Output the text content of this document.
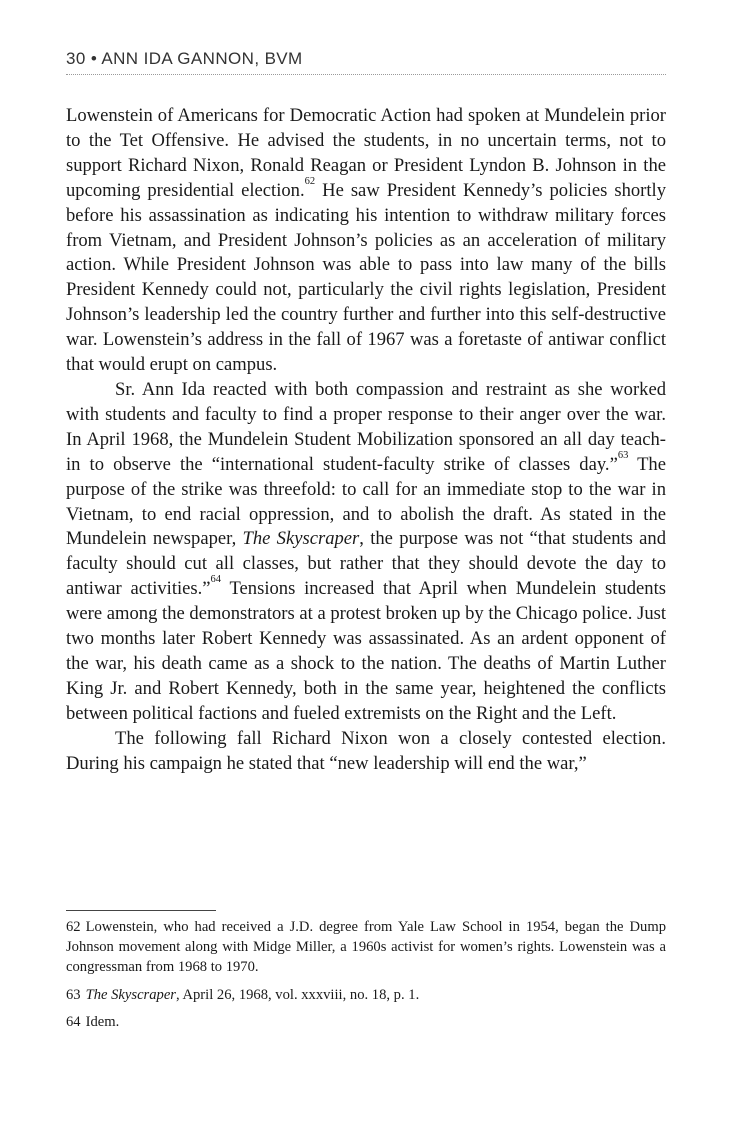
30 • ANN IDA GANNON, BVM

Lowenstein of Americans for Democratic Action had spoken at Mundelein prior to the Tet Offensive. He advised the students, in no uncertain terms, not to support Richard Nixon, Ronald Reagan or President Lyndon B. Johnson in the upcoming presidential election.$^{62}$ He saw President Kennedy’s policies shortly before his assassination as indicating his intention to withdraw military forces from Vietnam, and President Johnson’s policies as an acceleration of military action. While President Johnson was able to pass into law many of the bills President Kennedy could not, particularly the civil rights legislation, President Johnson’s leadership led the country further and further into this self-destructive war. Lowenstein’s address in the fall of 1967 was a foretaste of antiwar conflict that would erupt on campus.

Sr. Ann Ida reacted with both compassion and restraint as she worked with students and faculty to find a proper response to their anger over the war. In April 1968, the Mundelein Student Mobilization sponsored an all day teach-in to observe the “international student-faculty strike of classes day.”$^{63}$ The purpose of the strike was threefold: to call for an immediate stop to the war in Vietnam, to end racial oppression, and to abolish the draft. As stated in the Mundelein newspaper, The Skyscraper, the purpose was not “that students and faculty should cut all classes, but rather that they should devote the day to antiwar activities.”$^{64}$ Tensions increased that April when Mundelein students were among the demonstrators at a protest broken up by the Chicago police. Just two months later Robert Kennedy was assassinated. As an ardent opponent of the war, his death came as a shock to the nation. The deaths of Martin Luther King Jr. and Robert Kennedy, both in the same year, heightened the conflicts between political factions and fueled extremists on the Right and the Left.

The following fall Richard Nixon won a closely contested election. During his campaign he stated that “new leadership will end the war,”

62 Lowenstein, who had received a J.D. degree from Yale Law School in 1954, began the Dump Johnson movement along with Midge Miller, a 1960s activist for women’s rights. Lowenstein was a congressman from 1968 to 1970.

63 The Skyscraper, April 26, 1968, vol. xxxviii, no. 18, p. 1.

64 Idem.
